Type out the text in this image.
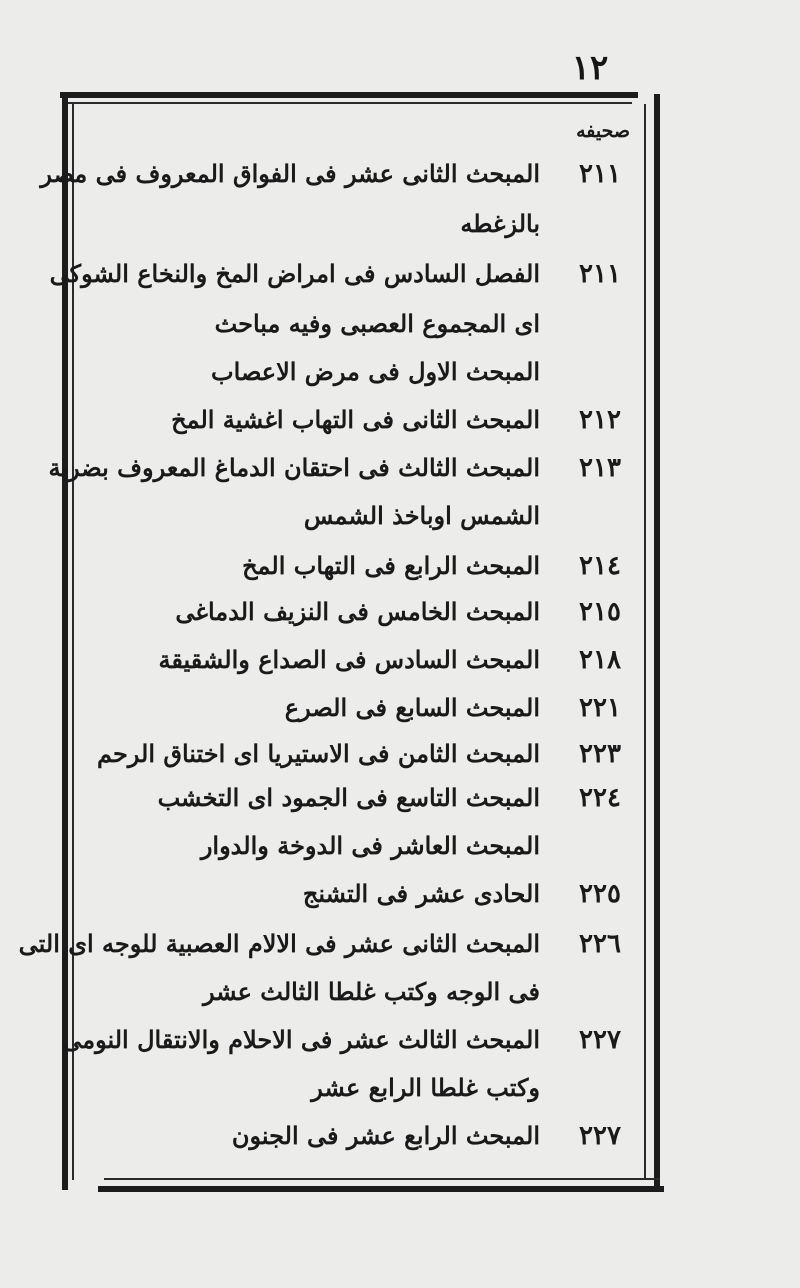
١٢
صحيفه
٢١١
المبحث الثانى عشر فى الفواق المعروف فى مصر
بالزغطه
٢١١
الفصل السادس فى امراض المخ والنخاع الشوكى
اى المجموع العصبى وفيه مباحث
المبحث الاول فى مرض الاعصاب
٢١٢
المبحث الثانى فى التهاب اغشية المخ
٢١٣
المبحث الثالث فى احتقان الدماغ المعروف بضربة
الشمس اوباخذ الشمس
٢١٤
المبحث الرابع فى التهاب المخ
٢١٥
المبحث الخامس فى النزيف الدماغى
٢١٨
المبحث السادس فى الصداع والشقيقة
٢٢١
المبحث السابع فى الصرع
٢٢٣
المبحث الثامن فى الاستيريا اى اختناق الرحم
٢٢٤
المبحث التاسع فى الجمود اى التخشب
المبحث العاشر فى الدوخة والدوار
٢٢٥
الحادى عشر فى التشنج
٢٢٦
المبحث الثانى عشر فى الالام العصبية للوجه اى التى
فى الوجه وكتب غلطا الثالث عشر
٢٢٧
المبحث الثالث عشر فى الاحلام والانتقال النومى
وكتب غلطا الرابع عشر
٢٢٧
المبحث الرابع عشر فى الجنون
